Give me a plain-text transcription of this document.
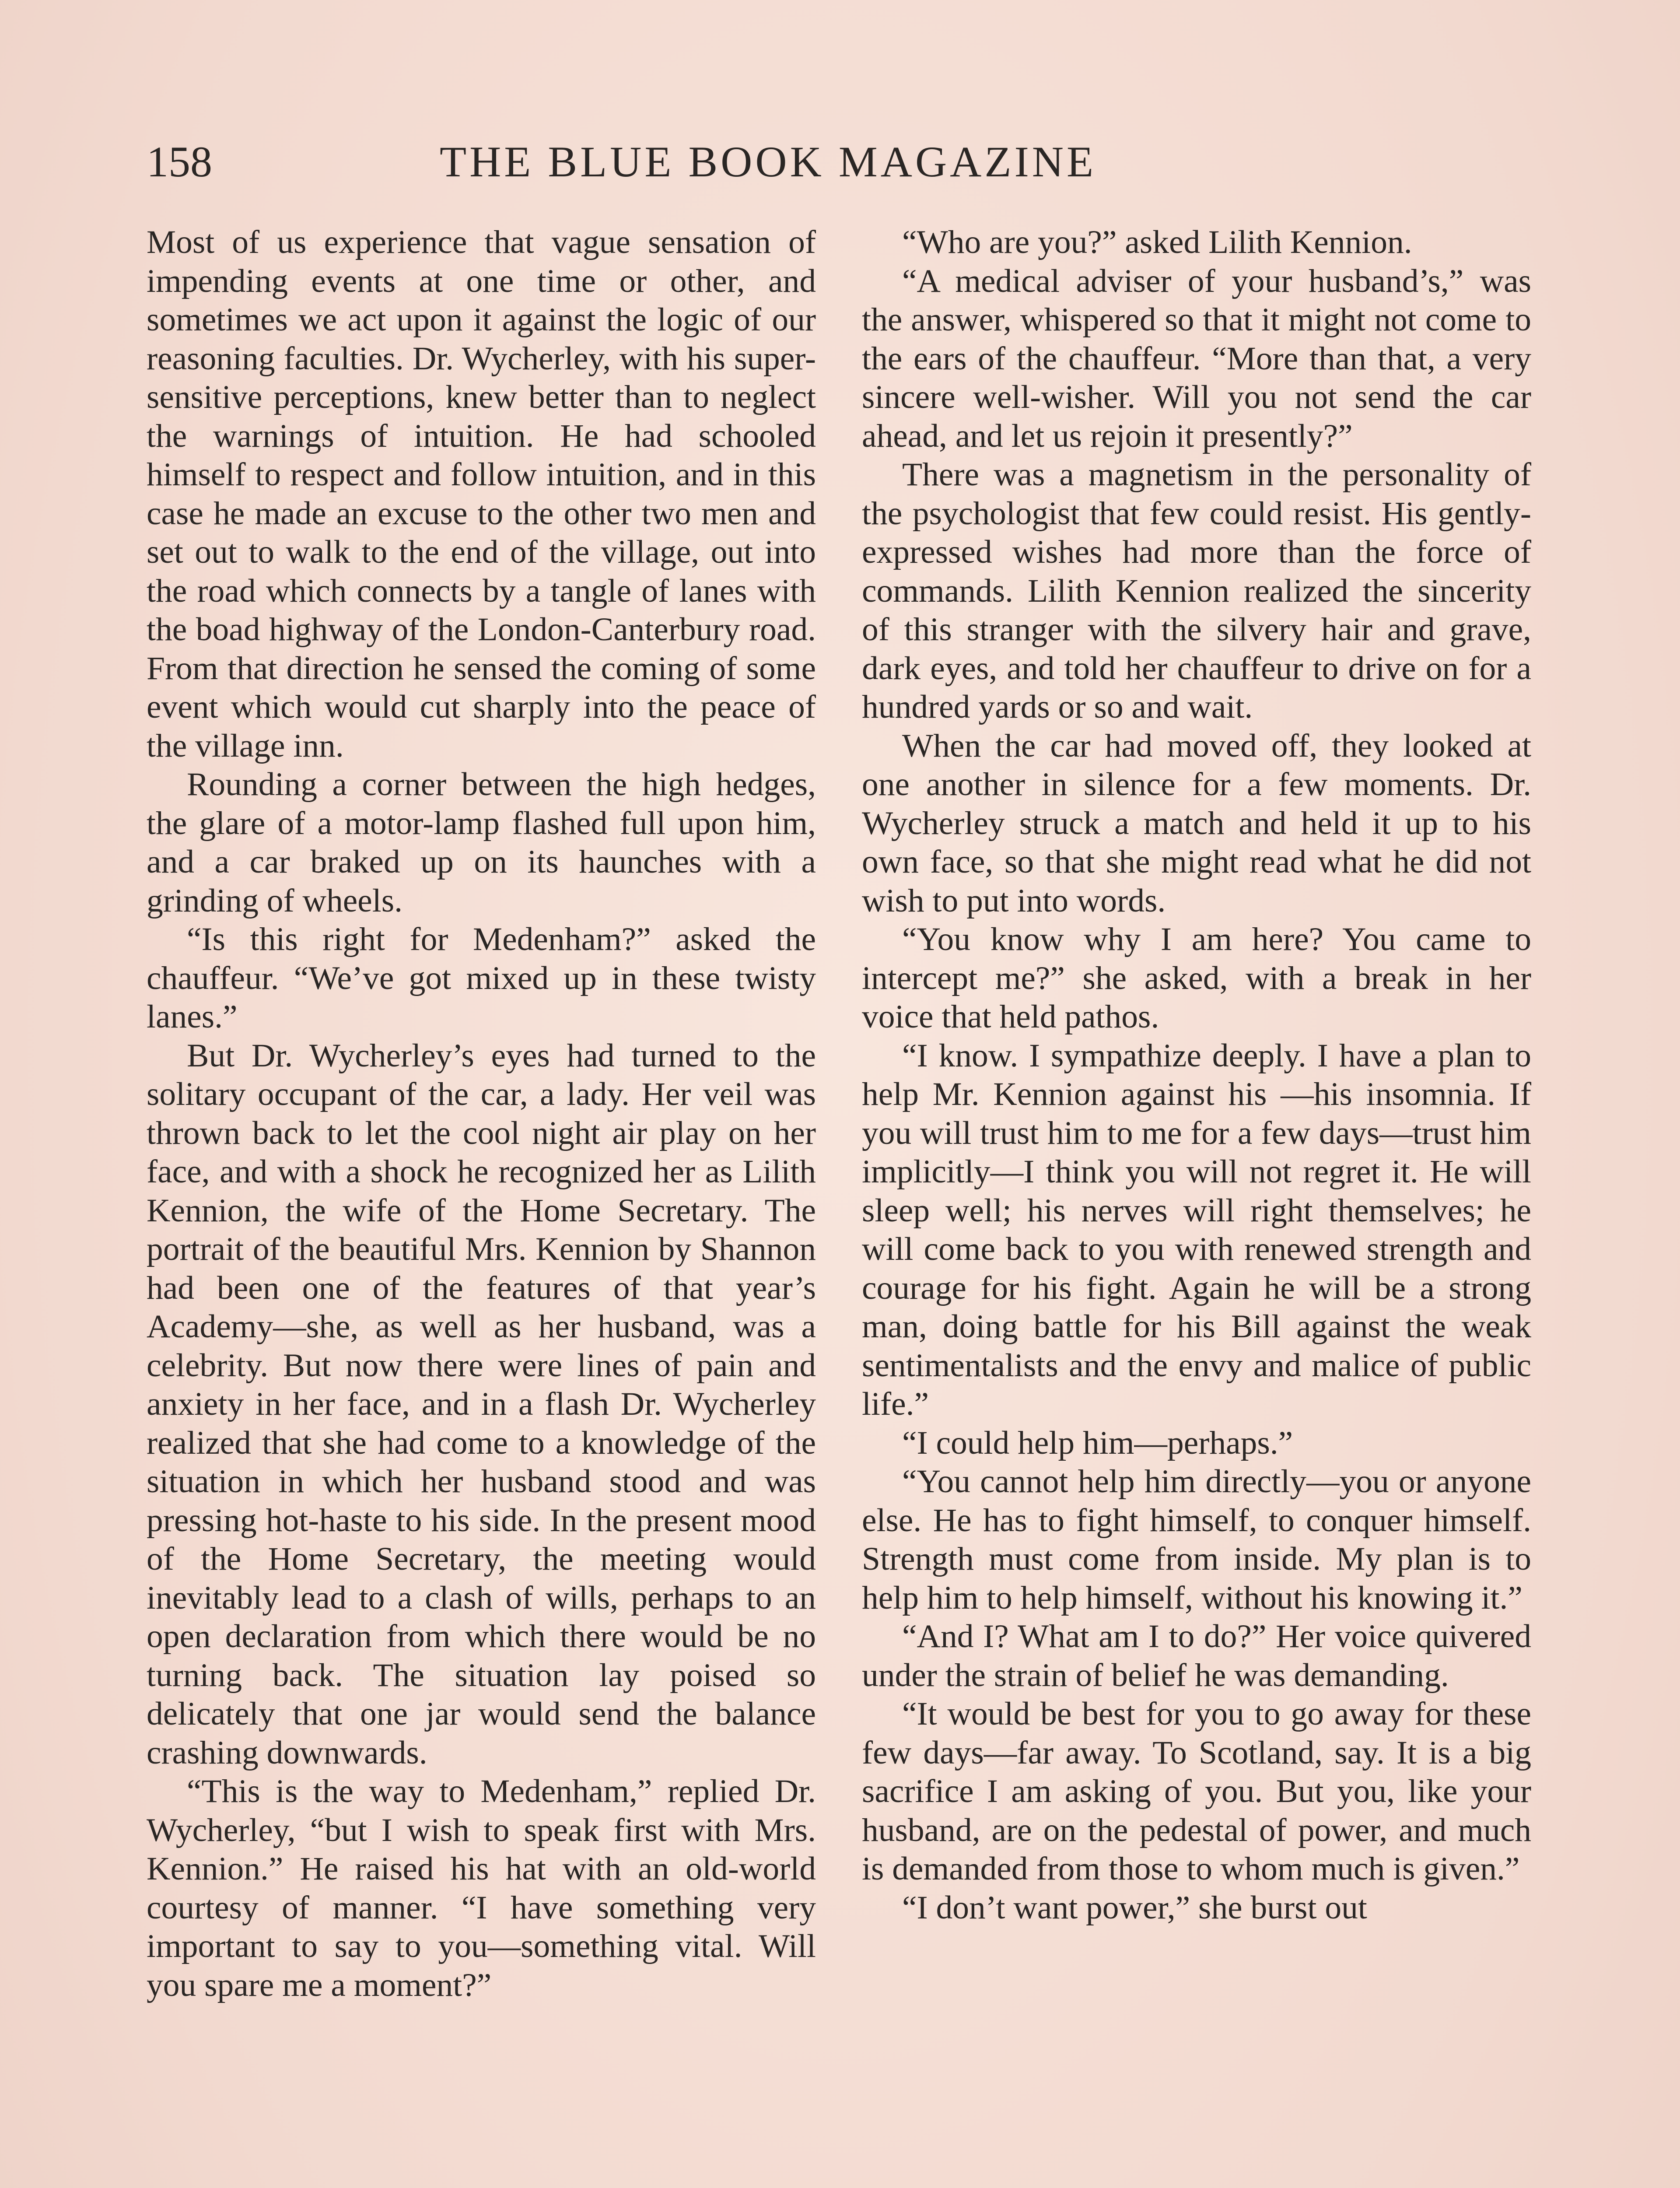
158	THE BLUE BOOK MAGAZINE

Most of us experience that vague sensation of impending events at one time or other, and sometimes we act upon it against the logic of our reasoning faculties. Dr. Wycherley, with his super-sensitive perceptions, knew better than to neglect the warnings of intuition. He had schooled himself to respect and follow intuition, and in this case he made an excuse to the other two men and set out to walk to the end of the village, out into the road which connects by a tangle of lanes with the boad highway of the London-Canterbury road. From that direction he sensed the coming of some event which would cut sharply into the peace of the village inn.

Rounding a corner between the high hedges, the glare of a motor-lamp flashed full upon him, and a car braked up on its haunches with a grinding of wheels.

“Is this right for Medenham?” asked the chauffeur. “We’ve got mixed up in these twisty lanes.”

But Dr. Wycherley’s eyes had turned to the solitary occupant of the car, a lady. Her veil was thrown back to let the cool night air play on her face, and with a shock he recognized her as Lilith Kennion, the wife of the Home Secretary. The portrait of the beautiful Mrs. Kennion by Shannon had been one of the features of that year’s Academy—she, as well as her husband, was a celebrity. But now there were lines of pain and anxiety in her face, and in a flash Dr. Wycherley realized that she had come to a knowledge of the situation in which her husband stood and was pressing hot-haste to his side. In the present mood of the Home Secretary, the meeting would inevitably lead to a clash of wills, perhaps to an open declaration from which there would be no turning back. The situation lay poised so delicately that one jar would send the balance crashing downwards.

“This is the way to Medenham,” replied Dr. Wycherley, “but I wish to speak first with Mrs. Kennion.” He raised his hat with an old-world courtesy of manner. “I have something very important to say to you—something vital. Will you spare me a moment?”

“Who are you?” asked Lilith Kennion.

“A medical adviser of your husband’s,” was the answer, whispered so that it might not come to the ears of the chauffeur. “More than that, a very sincere well-wisher. Will you not send the car ahead, and let us rejoin it presently?”

There was a magnetism in the personality of the psychologist that few could resist. His gently-expressed wishes had more than the force of commands. Lilith Kennion realized the sincerity of this stranger with the silvery hair and grave, dark eyes, and told her chauffeur to drive on for a hundred yards or so and wait.

When the car had moved off, they looked at one another in silence for a few moments. Dr. Wycherley struck a match and held it up to his own face, so that she might read what he did not wish to put into words.

“You know why I am here? You came to intercept me?” she asked, with a break in her voice that held pathos.

“I know. I sympathize deeply. I have a plan to help Mr. Kennion against his —his insomnia. If you will trust him to me for a few days—trust him implicitly—I think you will not regret it. He will sleep well; his nerves will right themselves; he will come back to you with renewed strength and courage for his fight. Again he will be a strong man, doing battle for his Bill against the weak sentimentalists and the envy and malice of public life.”

“I could help him—perhaps.”

“You cannot help him directly—you or anyone else. He has to fight himself, to conquer himself. Strength must come from inside. My plan is to help him to help himself, without his knowing it.”

“And I? What am I to do?” Her voice quivered under the strain of belief he was demanding.

“It would be best for you to go away for these few days—far away. To Scotland, say. It is a big sacrifice I am asking of you. But you, like your husband, are on the pedestal of power, and much is demanded from those to whom much is given.”

“I don’t want power,” she burst out
